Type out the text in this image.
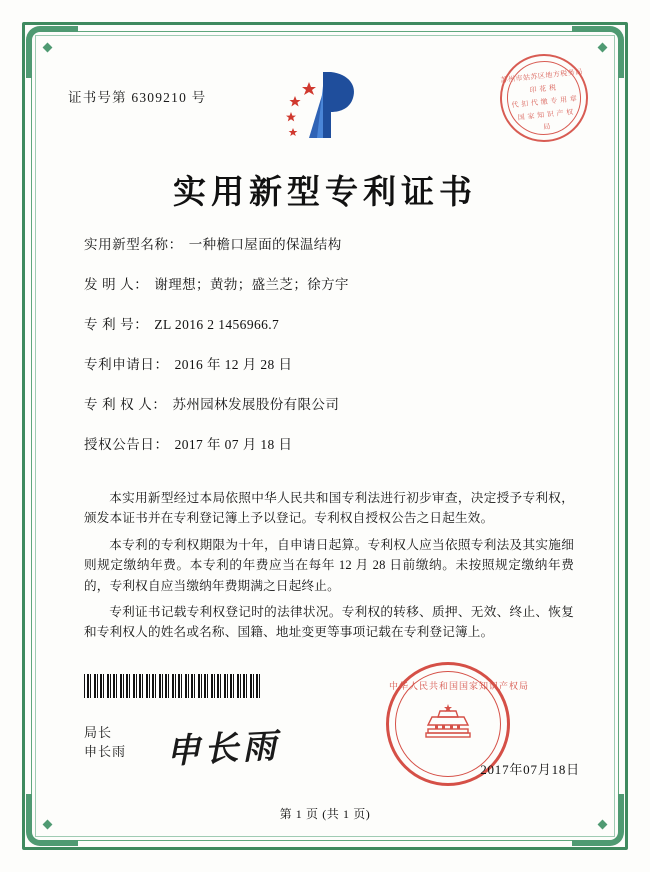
证书号第 6309210 号
苏州市姑苏区地方税务局
印 花 税
代 扣 代 缴 专 用 章
国 家 知 识 产 权
局
实用新型专利证书
实用新型名称： 一种檐口屋面的保温结构
发 明 人： 谢理想；黄勃；盛兰芝；徐方宇
专 利 号： ZL 2016 2 1456966.7
专利申请日： 2016 年 12 月 28 日
专 利 权 人： 苏州园林发展股份有限公司
授权公告日： 2017 年 07 月 18 日

本实用新型经过本局依照中华人民共和国专利法进行初步审查，决定授予专利权，颁发本证书并在专利登记簿上予以登记。专利权自授权公告之日起生效。

本专利的专利权期限为十年，自申请日起算。专利权人应当依照专利法及其实施细则规定缴纳年费。本专利的年费应当在每年 12 月 28 日前缴纳。未按照规定缴纳年费的，专利权自应当缴纳年费期满之日起终止。

专利证书记载专利权登记时的法律状况。专利权的转移、质押、无效、终止、恢复和专利权人的姓名或名称、国籍、地址变更等事项记载在专利登记簿上。

局长
申长雨 申长雨
中华人民共和国国家知识产权局
2017年07月18日
第 1 页 (共 1 页)
